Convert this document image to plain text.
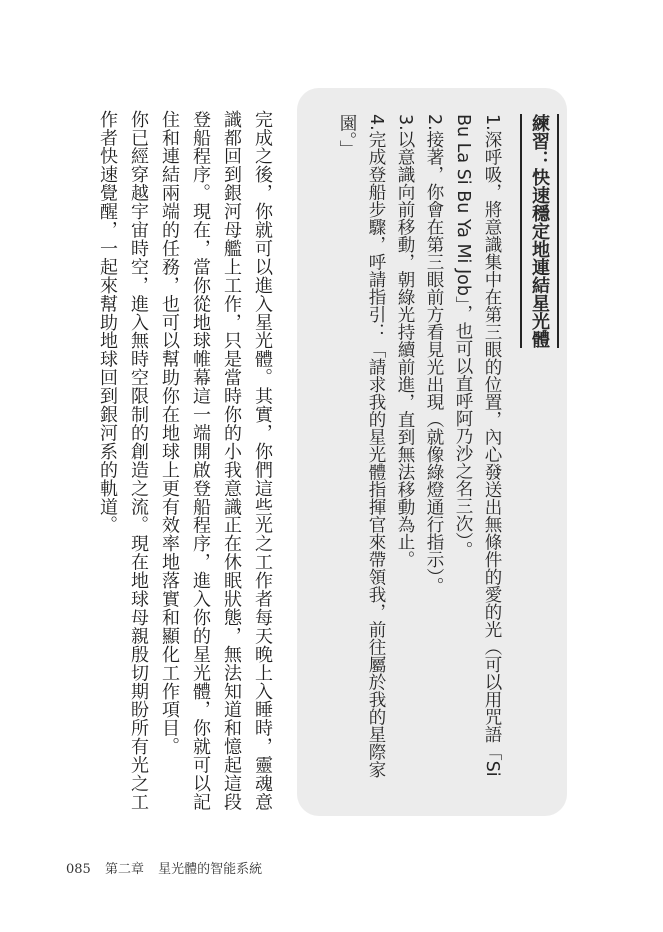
練習：快速穩定地連結星光體
1.深呼吸，將意識集中在第三眼的位置，內心發送出無條件的愛的光（可以用咒語「Si Bu La Si Bu Ya Mi Job」，也可以直呼阿乃沙之名三次）。
2.接著，你會在第三眼前方看見光出現（就像綠燈通行指示）。
3.以意識向前移動，朝綠光持續前進，直到無法移動為止。
4.完成登船步驟，呼請指引：「請求我的星光體指揮官來帶領我，前往屬於我的星際家園。」
完成之後，你就可以進入星光體。其實，你們這些光之工作者每天晚上入睡時，靈魂意識都回到銀河母艦上工作，只是當時你的小我意識正在休眠狀態，無法知道和憶起這段登船程序。現在，當你從地球帷幕這一端開啟登船程序，進入你的星光體，你就可以記住和連結兩端的任務，也可以幫助你在地球上更有效率地落實和顯化工作項目。
你已經穿越宇宙時空，進入無時空限制的創造之流。現在地球母親殷切期盼所有光之工作者快速覺醒，一起來幫助地球回到銀河系的軌道。
085 第二章 星光體的智能系統
